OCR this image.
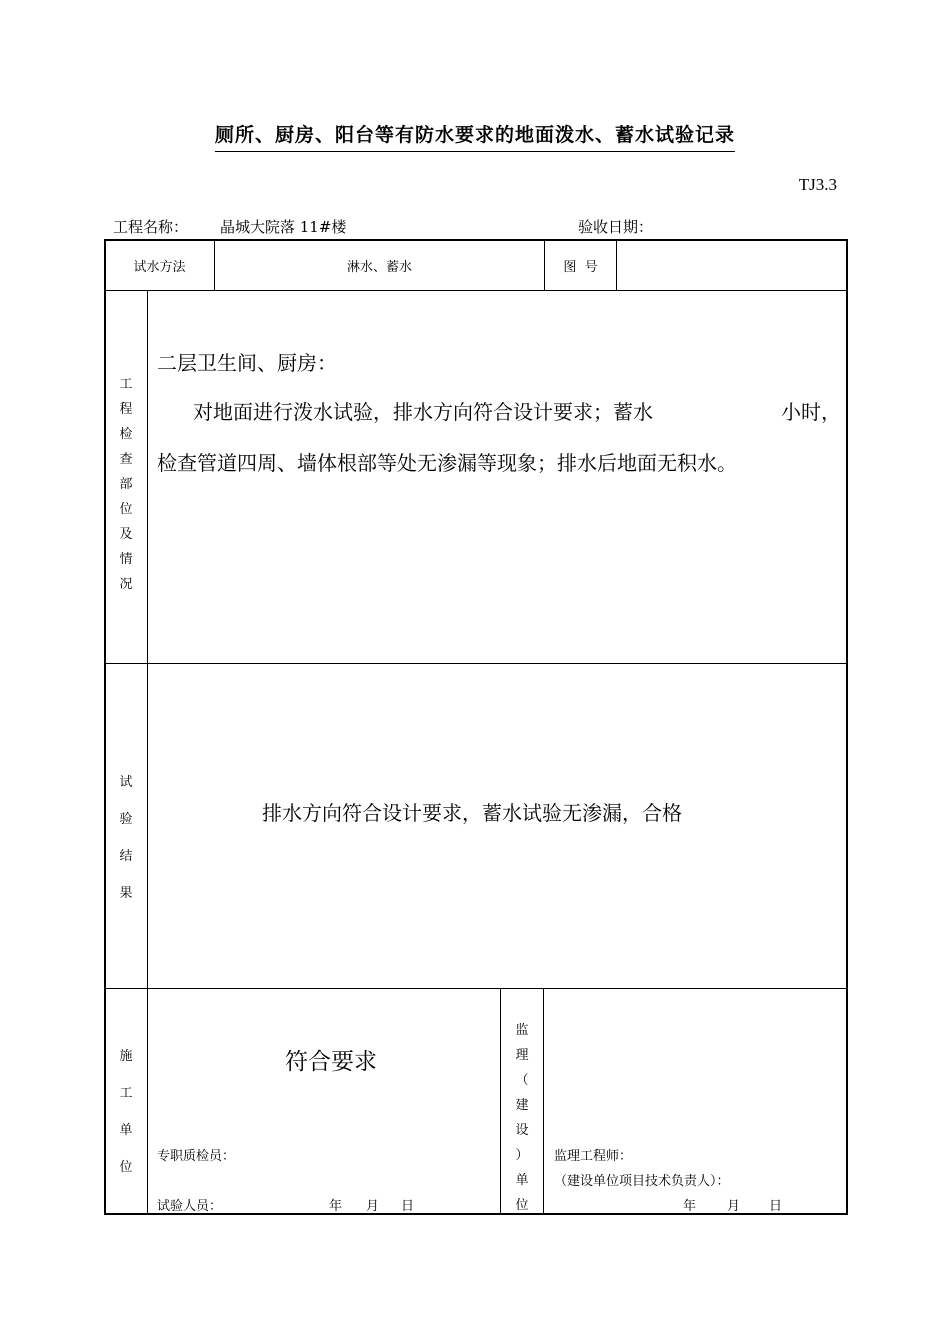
厕所、厨房、阳台等有防水要求的地面泼水、蓄水试验记录
TJ3.3
工程名称： 晶城大院落 11#楼	验收日期：
试水方法	淋水、蓄水	图  号
工
程
检
查
部
位
及
情
况
二层卫生间、厨房：
对地面进行泼水试验，排水方向符合设计要求；蓄水	小时，
检查管道四周、墙体根部等处无渗漏等现象；排水后地面无积水。
试
验
结
果
排水方向符合设计要求，蓄水试验无渗漏，合格
施
工
单
位
符合要求
专职质检员：
试验人员：	年 月 日
监
理
（
建
设
）
单
位
监理工程师：
（建设单位项目技术负责人）：
年 月 日
